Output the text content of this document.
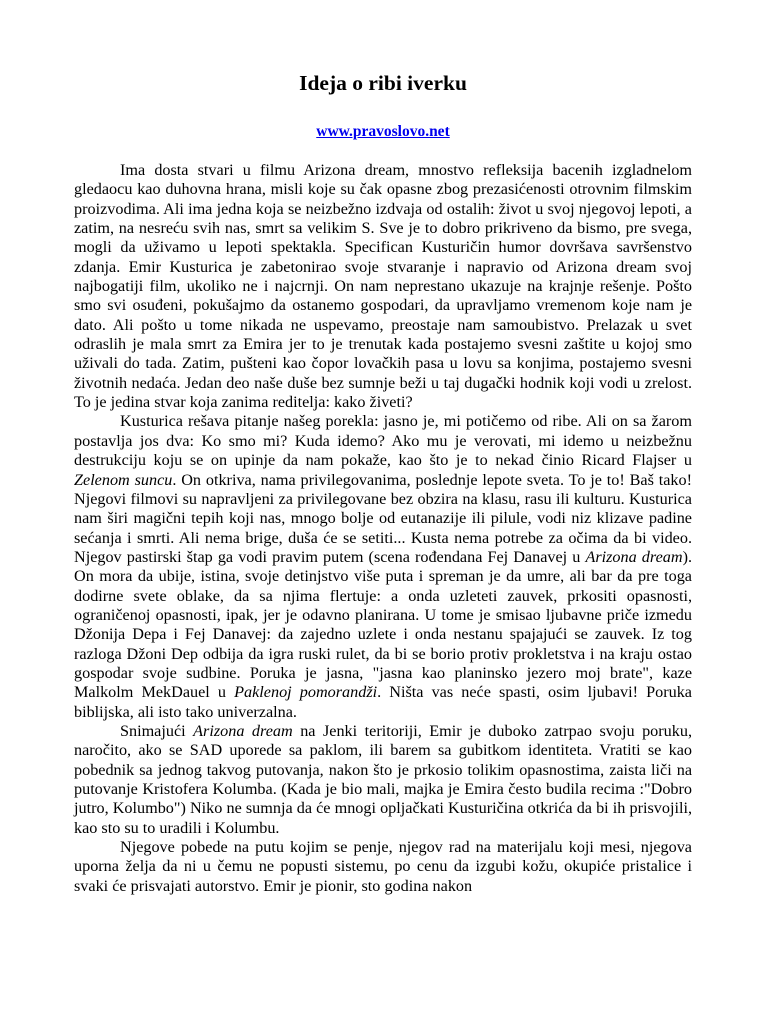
Ideja o ribi iverku
www.pravoslovo.net

Ima dosta stvari u filmu Arizona dream, mnostvo refleksija bacenih izgladnelom gledaocu kao duhovna hrana, misli koje su čak opasne zbog prezasićenosti otrovnim filmskim proizvodima. Ali ima jedna koja se neizbežno izdvaja od ostalih: život u svoj njegovoj lepoti, a zatim, na nesreću svih nas, smrt sa velikim S. Sve je to dobro prikriveno da bismo, pre svega, mogli da uživamo u lepoti spektakla. Specifican Kusturičin humor dovršava savršenstvo zdanja. Emir Kusturica je zabetonirao svoje stvaranje i napravio od Arizona dream svoj najbogatiji film, ukoliko ne i najcrnji. On nam neprestano ukazuje na krajnje rešenje. Pošto smo svi osuđeni, pokušajmo da ostanemo gospodari, da upravljamo vremenom koje nam je dato. Ali pošto u tome nikada ne uspevamo, preostaje nam samoubistvo. Prelazak u svet odraslih je mala smrt za Emira jer to je trenutak kada postajemo svesni zaštite u kojoj smo uživali do tada. Zatim, pušteni kao čopor lovačkih pasa u lovu sa konjima, postajemo svesni životnih nedaća. Jedan deo naše duše bez sumnje beži u taj dugački hodnik koji vodi u zrelost. To je jedina stvar koja zanima reditelja: kako živeti?

Kusturica rešava pitanje našeg porekla: jasno je, mi potičemo od ribe. Ali on sa žarom postavlja jos dva: Ko smo mi? Kuda idemo? Ako mu je verovati, mi idemo u neizbežnu destrukciju koju se on upinje da nam pokaže, kao što je to nekad činio Ricard Flajser u Zelenom suncu. On otkriva, nama privilegovanima, poslednje lepote sveta. To je to! Baš tako! Njegovi filmovi su napravljeni za privilegovane bez obzira na klasu, rasu ili kulturu. Kusturica nam širi magični tepih koji nas, mnogo bolje od eutanazije ili pilule, vodi niz klizave padine sećanja i smrti. Ali nema brige, duša će se setiti... Kusta nema potrebe za očima da bi video. Njegov pastirski štap ga vodi pravim putem (scena rođendana Fej Danavej u Arizona dream). On mora da ubije, istina, svoje detinjstvo više puta i spreman je da umre, ali bar da pre toga dodirne svete oblake, da sa njima flertuje: a onda uzleteti zauvek, prkositi opasnosti, ograničenoj opasnosti, ipak, jer je odavno planirana. U tome je smisao ljubavne priče izmedu Džonija Depa i Fej Danavej: da zajedno uzlete i onda nestanu spajajući se zauvek. Iz tog razloga Džoni Dep odbija da igra ruski rulet, da bi se borio protiv prokletstva i na kraju ostao gospodar svoje sudbine. Poruka je jasna, "jasna kao planinsko jezero moj brate", kaze Malkolm MekDauel u Paklenoj pomorandži. Ništa vas neće spasti, osim ljubavi! Poruka biblijska, ali isto tako univerzalna.

Snimajući Arizona dream na Jenki teritoriji, Emir je duboko zatrpao svoju poruku, naročito, ako se SAD uporede sa paklom, ili barem sa gubitkom identiteta. Vratiti se kao pobednik sa jednog takvog putovanja, nakon što je prkosio tolikim opasnostima, zaista liči na putovanje Kristofera Kolumba. (Kada je bio mali, majka je Emira često budila recima :"Dobro jutro, Kolumbo") Niko ne sumnja da će mnogi opljačkati Kusturičina otkrića da bi ih prisvojili, kao sto su to uradili i Kolumbu.

Njegove pobede na putu kojim se penje, njegov rad na materijalu koji mesi, njegova uporna želja da ni u čemu ne popusti sistemu, po cenu da izgubi kožu, okupiće pristalice i svaki će prisvajati autorstvo. Emir je pionir, sto godina nakon
